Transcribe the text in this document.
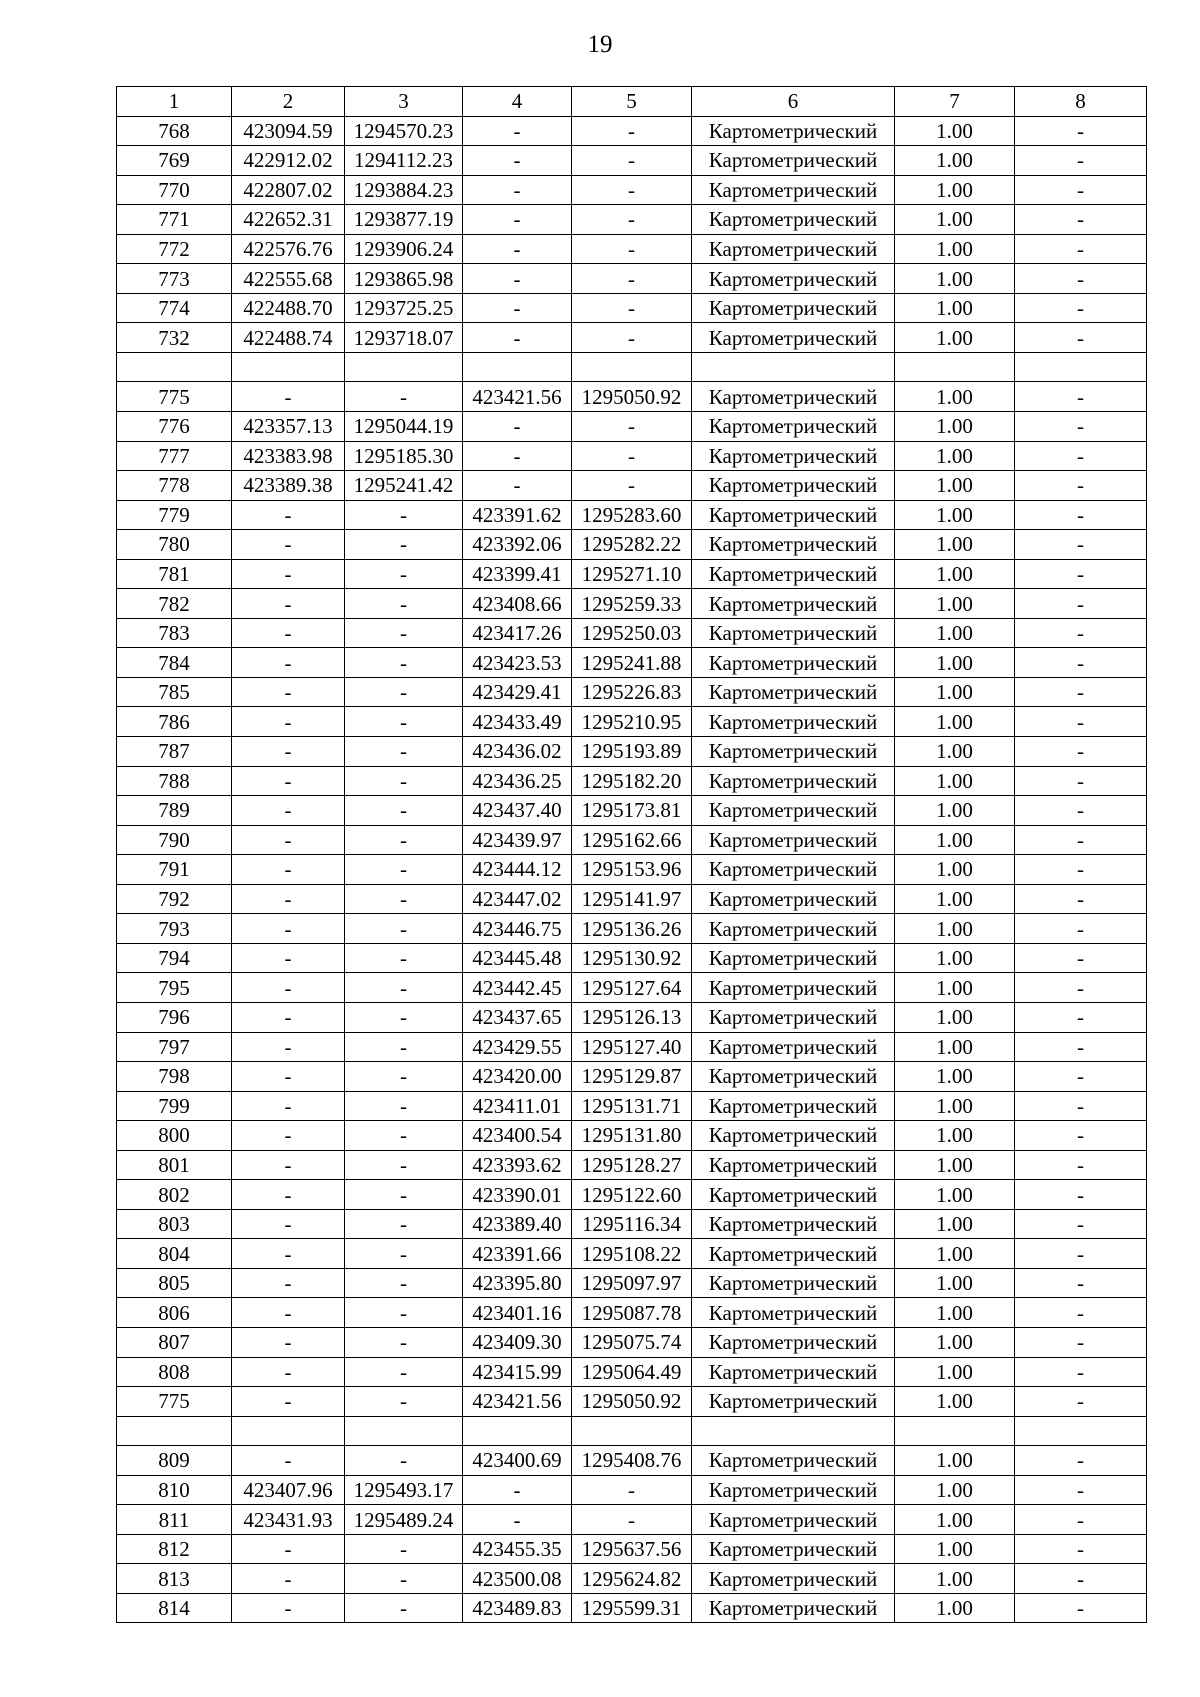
19
1	2	3	4	5	6	7	8
768	423094.59	1294570.23	-	-	Картометрический	1.00	-
769	422912.02	1294112.23	-	-	Картометрический	1.00	-
770	422807.02	1293884.23	-	-	Картометрический	1.00	-
771	422652.31	1293877.19	-	-	Картометрический	1.00	-
772	422576.76	1293906.24	-	-	Картометрический	1.00	-
773	422555.68	1293865.98	-	-	Картометрический	1.00	-
774	422488.70	1293725.25	-	-	Картометрический	1.00	-
732	422488.74	1293718.07	-	-	Картометрический	1.00	-

775	-	-	423421.56	1295050.92	Картометрический	1.00	-
776	423357.13	1295044.19	-	-	Картометрический	1.00	-
777	423383.98	1295185.30	-	-	Картометрический	1.00	-
778	423389.38	1295241.42	-	-	Картометрический	1.00	-
779	-	-	423391.62	1295283.60	Картометрический	1.00	-
780	-	-	423392.06	1295282.22	Картометрический	1.00	-
781	-	-	423399.41	1295271.10	Картометрический	1.00	-
782	-	-	423408.66	1295259.33	Картометрический	1.00	-
783	-	-	423417.26	1295250.03	Картометрический	1.00	-
784	-	-	423423.53	1295241.88	Картометрический	1.00	-
785	-	-	423429.41	1295226.83	Картометрический	1.00	-
786	-	-	423433.49	1295210.95	Картометрический	1.00	-
787	-	-	423436.02	1295193.89	Картометрический	1.00	-
788	-	-	423436.25	1295182.20	Картометрический	1.00	-
789	-	-	423437.40	1295173.81	Картометрический	1.00	-
790	-	-	423439.97	1295162.66	Картометрический	1.00	-
791	-	-	423444.12	1295153.96	Картометрический	1.00	-
792	-	-	423447.02	1295141.97	Картометрический	1.00	-
793	-	-	423446.75	1295136.26	Картометрический	1.00	-
794	-	-	423445.48	1295130.92	Картометрический	1.00	-
795	-	-	423442.45	1295127.64	Картометрический	1.00	-
796	-	-	423437.65	1295126.13	Картометрический	1.00	-
797	-	-	423429.55	1295127.40	Картометрический	1.00	-
798	-	-	423420.00	1295129.87	Картометрический	1.00	-
799	-	-	423411.01	1295131.71	Картометрический	1.00	-
800	-	-	423400.54	1295131.80	Картометрический	1.00	-
801	-	-	423393.62	1295128.27	Картометрический	1.00	-
802	-	-	423390.01	1295122.60	Картометрический	1.00	-
803	-	-	423389.40	1295116.34	Картометрический	1.00	-
804	-	-	423391.66	1295108.22	Картометрический	1.00	-
805	-	-	423395.80	1295097.97	Картометрический	1.00	-
806	-	-	423401.16	1295087.78	Картометрический	1.00	-
807	-	-	423409.30	1295075.74	Картометрический	1.00	-
808	-	-	423415.99	1295064.49	Картометрический	1.00	-
775	-	-	423421.56	1295050.92	Картометрический	1.00	-

809	-	-	423400.69	1295408.76	Картометрический	1.00	-
810	423407.96	1295493.17	-	-	Картометрический	1.00	-
811	423431.93	1295489.24	-	-	Картометрический	1.00	-
812	-	-	423455.35	1295637.56	Картометрический	1.00	-
813	-	-	423500.08	1295624.82	Картометрический	1.00	-
814	-	-	423489.83	1295599.31	Картометрический	1.00	-
